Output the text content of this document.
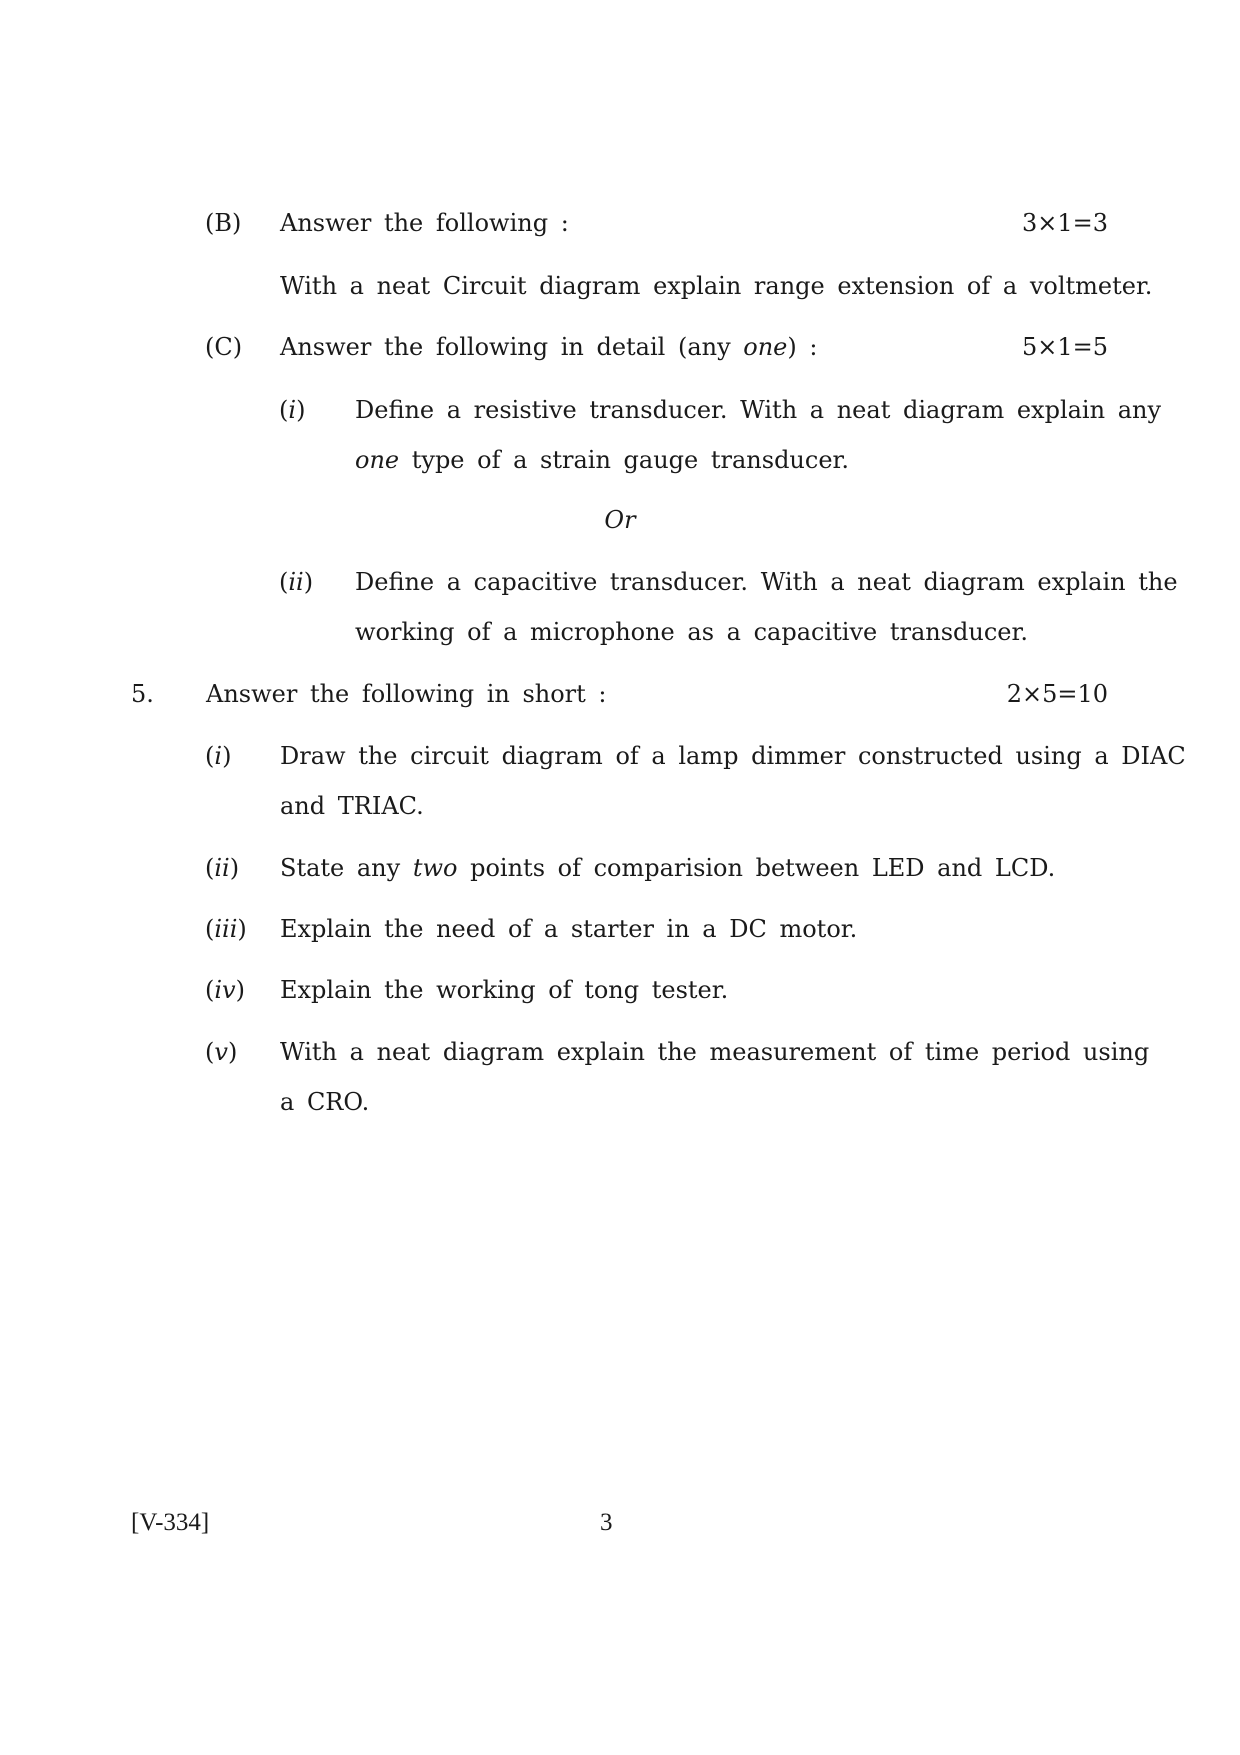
(B) Answer the following :	3×1=3
With a neat Circuit diagram explain range extension of a voltmeter.
(C) Answer the following in detail (any one) :	5×1=5
(i) Define a resistive transducer. With a neat diagram explain any
one type of a strain gauge transducer.
Or
(ii) Define a capacitive transducer. With a neat diagram explain the
working of a microphone as a capacitive transducer.
5. Answer the following in short :	2×5=10
(i) Draw the circuit diagram of a lamp dimmer constructed using a DIAC
and TRIAC.
(ii) State any two points of comparision between LED and LCD.
(iii) Explain the need of a starter in a DC motor.
(iv) Explain the working of tong tester.
(v) With a neat diagram explain the measurement of time period using
a CRO.
[V-334]	3
